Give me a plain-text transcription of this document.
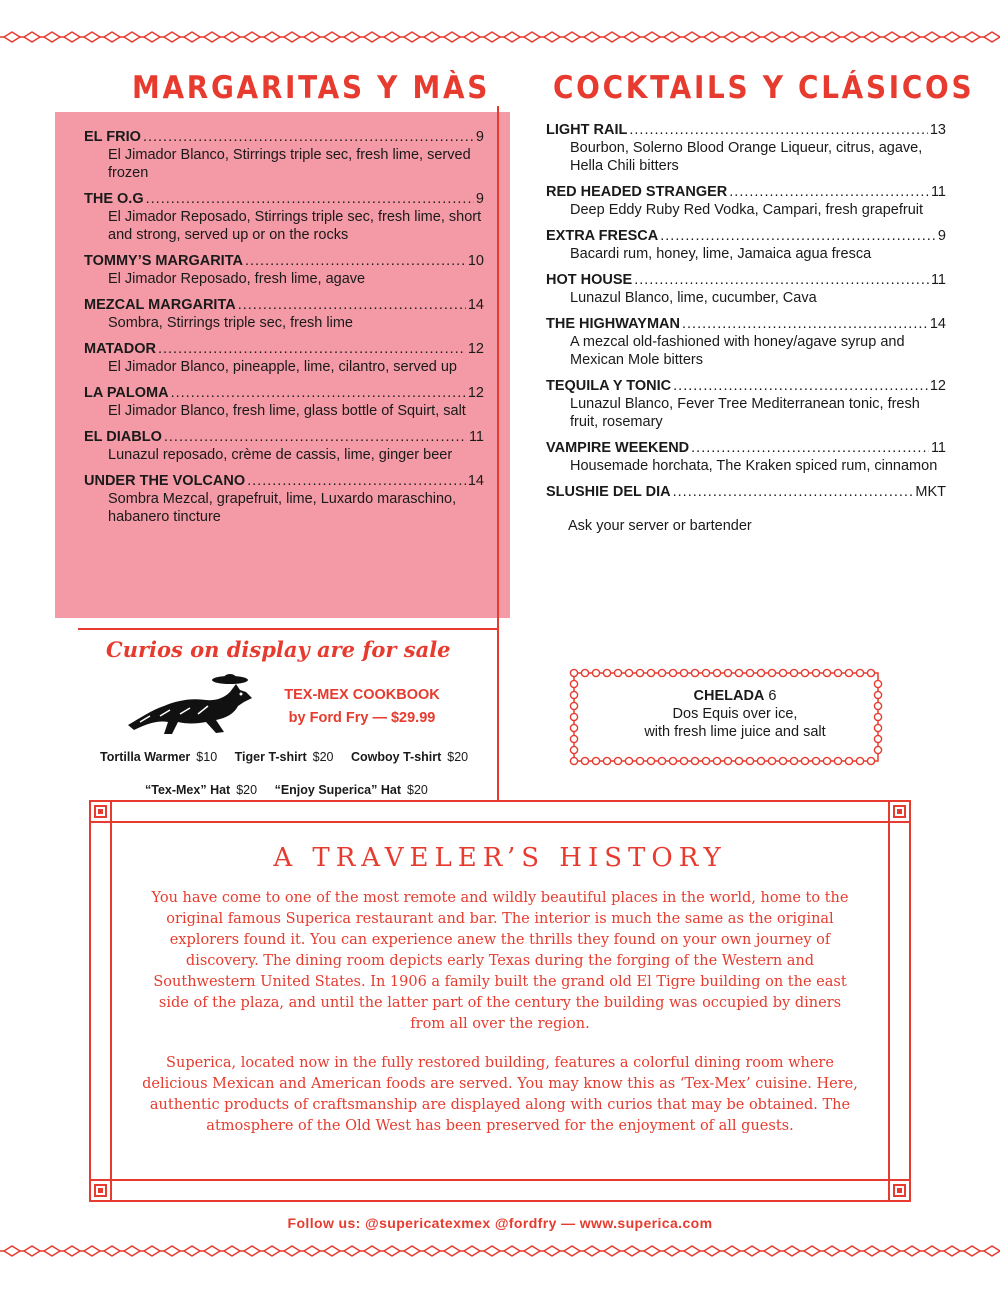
MARGARITAS Y MÀS COCKTAILS Y CLÁSICOS
EL FRIO .....	9
El Jimador Blanco, Stirrings triple sec, fresh lime, served frozen
THE O.G .....	9
El Jimador Reposado, Stirrings triple sec, fresh lime, short and strong, served up or on the rocks
TOMMY’S MARGARITA .....	10
El Jimador Reposado, fresh lime, agave
MEZCAL MARGARITA .....	14
Sombra, Stirrings triple sec, fresh lime
MATADOR .....	12
El Jimador Blanco, pineapple, lime, cilantro, served up
LA PALOMA .....	12
El Jimador Blanco, fresh lime, glass bottle of Squirt, salt
EL DIABLO .....	11
Lunazul reposado, crème de cassis, lime, ginger beer
UNDER THE VOLCANO .....	14
Sombra Mezcal, grapefruit, lime, Luxardo maraschino, habanero tincture
LIGHT RAIL .....	13
Bourbon, Solerno Blood Orange Liqueur, citrus, agave, Hella Chili bitters
RED HEADED STRANGER .....	11
Deep Eddy Ruby Red Vodka, Campari, fresh grapefruit
EXTRA FRESCA .....	9
Bacardi rum, honey, lime, Jamaica agua fresca
HOT HOUSE .....	11
Lunazul Blanco, lime, cucumber, Cava
THE HIGHWAYMAN .....	14
A mezcal old-fashioned with honey/agave syrup and Mexican Mole bitters
TEQUILA Y TONIC .....	12
Lunazul Blanco, Fever Tree Mediterranean tonic, fresh fruit, rosemary
VAMPIRE WEEKEND .....	11
Housemade horchata, The Kraken spiced rum, cinnamon
SLUSHIE DEL DIA .....	MKT
Ask your server or bartender
Curios on display are for sale
TEX-MEX COOKBOOK
by Ford Fry — $29.99
Tortilla Warmer $10 Tiger T-shirt $20 Cowboy T-shirt $20
“Tex-Mex” Hat $20 “Enjoy Superica” Hat $20
CHELADA 6
Dos Equis over ice,
with fresh lime juice and salt
A TRAVELER’S HISTORY

You have come to one of the most remote and wildly beautiful places in the world, home to the original famous Superica restaurant and bar. The interior is much the same as the original explorers found it. You can experience anew the thrills they found on your own journey of discovery. The dining room depicts early Texas during the forging of the Western and Southwestern United States. In 1906 a family built the grand old El Tigre building on the east side of the plaza, and until the latter part of the century the building was occupied by diners from all over the region.

Superica, located now in the fully restored building, features a colorful dining room where delicious Mexican and American foods are served. You may know this as ‘Tex-Mex’ cuisine. Here, authentic products of craftsmanship are displayed along with curios that may be obtained. The atmosphere of the Old West has been preserved for the enjoyment of all guests.

Follow us: @supericatexmex @fordfry — www.superica.com
